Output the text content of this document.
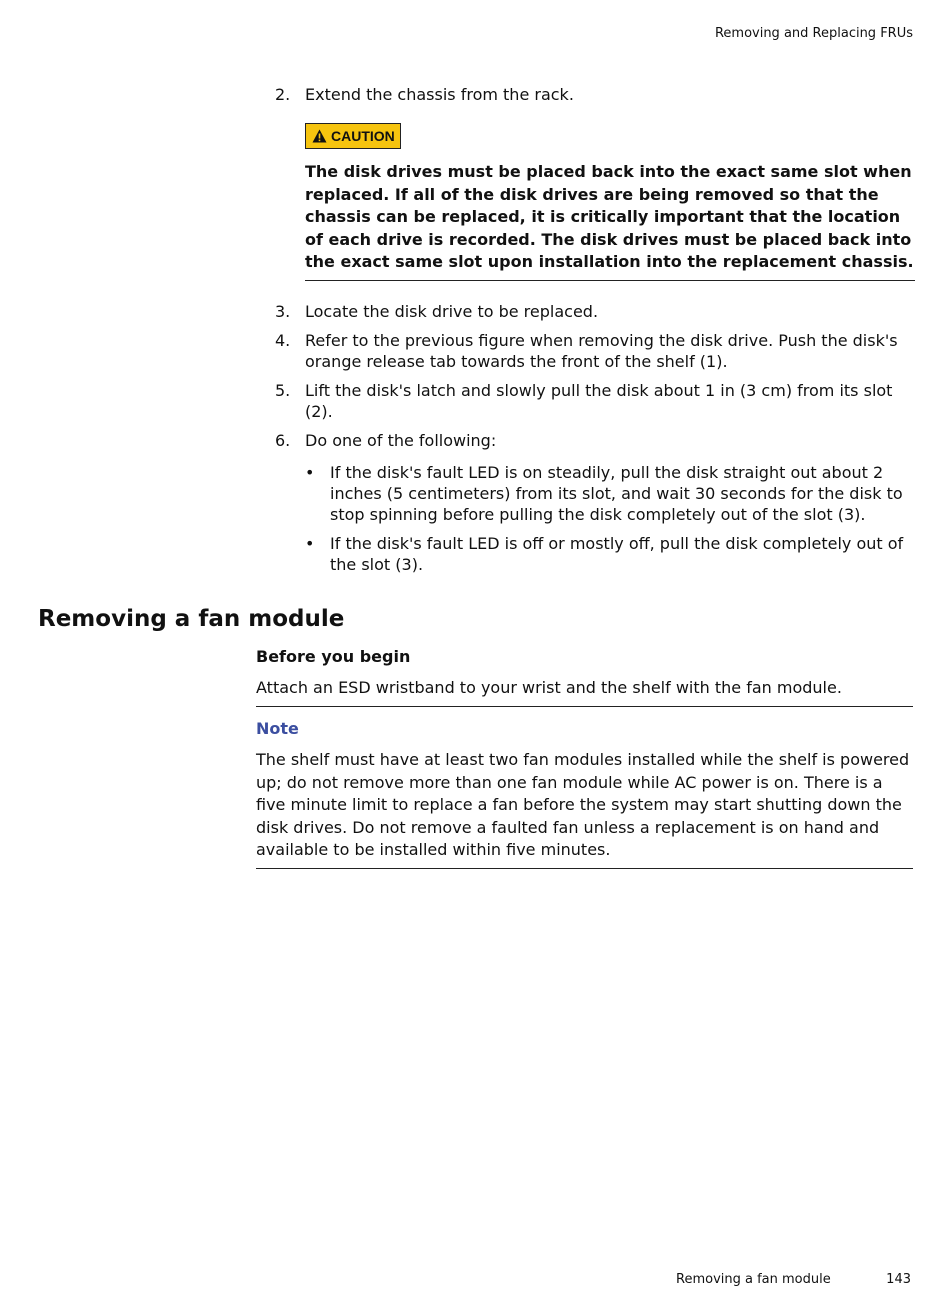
Removing and Replacing FRUs
2. Extend the chassis from the rack.
CAUTION
The disk drives must be placed back into the exact same slot when replaced. If all of the disk drives are being removed so that the chassis can be replaced, it is critically important that the location of each drive is recorded. The disk drives must be placed back into the exact same slot upon installation into the replacement chassis.
3. Locate the disk drive to be replaced.
4. Refer to the previous figure when removing the disk drive. Push the disk's orange release tab towards the front of the shelf (1).
5. Lift the disk's latch and slowly pull the disk about 1 in (3 cm) from its slot (2).
6. Do one of the following:
• If the disk's fault LED is on steadily, pull the disk straight out about 2 inches (5 centimeters) from its slot, and wait 30 seconds for the disk to stop spinning before pulling the disk completely out of the slot (3).
• If the disk's fault LED is off or mostly off, pull the disk completely out of the slot (3).
Removing a fan module
Before you begin
Attach an ESD wristband to your wrist and the shelf with the fan module.
Note
The shelf must have at least two fan modules installed while the shelf is powered up; do not remove more than one fan module while AC power is on. There is a five minute limit to replace a fan before the system may start shutting down the disk drives. Do not remove a faulted fan unless a replacement is on hand and available to be installed within five minutes.
Removing a fan module	143
